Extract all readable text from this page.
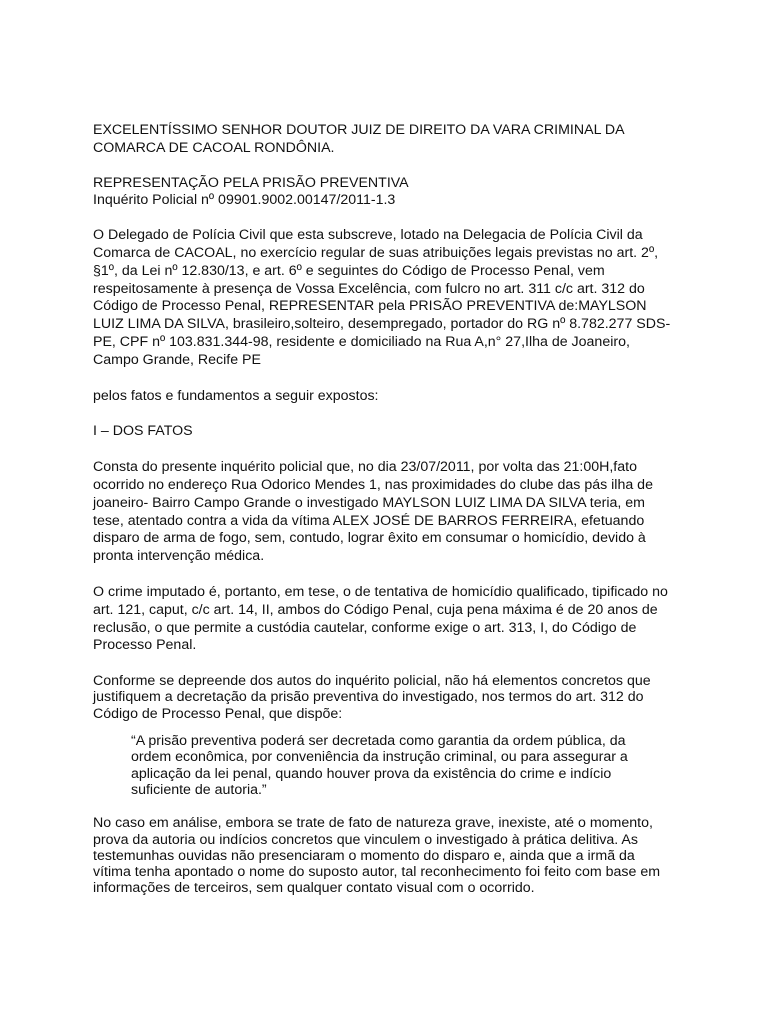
EXCELENTÍSSIMO SENHOR DOUTOR JUIZ DE DIREITO DA VARA CRIMINAL DA
COMARCA DE CACOAL RONDÔNIA.

REPRESENTAÇÃO PELA PRISÃO PREVENTIVA

Inquérito Policial nº 09901.9002.00147/2011-1.3

O Delegado de Polícia Civil que esta subscreve, lotado na Delegacia de Polícia Civil da
Comarca de CACOAL, no exercício regular de suas atribuições legais previstas no art. 2º,
§1º, da Lei nº 12.830/13, e art. 6º e seguintes do Código de Processo Penal, vem
respeitosamente à presença de Vossa Excelência, com fulcro no art. 311 c/c art. 312 do
Código de Processo Penal, REPRESENTAR pela PRISÃO PREVENTIVA de:MAYLSON
LUIZ LIMA DA SILVA, brasileiro,solteiro, desempregado, portador do RG nº 8.782.277 SDS-
PE, CPF nº 103.831.344-98, residente e domiciliado na Rua A,n° 27,Ilha de Joaneiro,
Campo Grande, Recife PE

pelos fatos e fundamentos a seguir expostos:

I – DOS FATOS

Consta do presente inquérito policial que, no dia 23/07/2011, por volta das 21:00H,fato
ocorrido no endereço Rua Odorico Mendes 1, nas proximidades do clube das pás ilha de
joaneiro- Bairro Campo Grande o investigado MAYLSON LUIZ LIMA DA SILVA teria, em
tese, atentado contra a vida da vítima ALEX JOSÉ DE BARROS FERREIRA, efetuando
disparo de arma de fogo, sem, contudo, lograr êxito em consumar o homicídio, devido à
pronta intervenção médica.

O crime imputado é, portanto, em tese, o de tentativa de homicídio qualificado, tipificado no
art. 121, caput, c/c art. 14, II, ambos do Código Penal, cuja pena máxima é de 20 anos de
reclusão, o que permite a custódia cautelar, conforme exige o art. 313, I, do Código de
Processo Penal.

Conforme se depreende dos autos do inquérito policial, não há elementos concretos que
justifiquem a decretação da prisão preventiva do investigado, nos termos do art. 312 do
Código de Processo Penal, que dispõe:

“A prisão preventiva poderá ser decretada como garantia da ordem pública, da
ordem econômica, por conveniência da instrução criminal, ou para assegurar a
aplicação da lei penal, quando houver prova da existência do crime e indício
suficiente de autoria.”

No caso em análise, embora se trate de fato de natureza grave, inexiste, até o momento,
prova da autoria ou indícios concretos que vinculem o investigado à prática delitiva. As
testemunhas ouvidas não presenciaram o momento do disparo e, ainda que a irmã da
vítima tenha apontado o nome do suposto autor, tal reconhecimento foi feito com base em
informações de terceiros, sem qualquer contato visual com o ocorrido.
